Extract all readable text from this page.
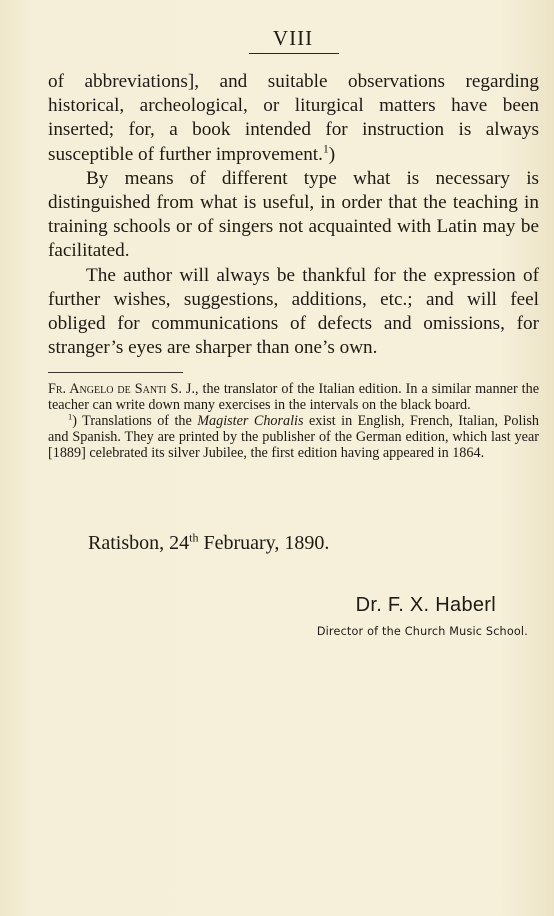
VIII

of abbreviations], and suitable observations regarding historical, archeological, or liturgical matters have been inserted; for, a book intended for instruction is always susceptible of further improvement.$^1$)

By means of different type what is necessary is distinguished from what is useful, in order that the teaching in training schools or of singers not acquainted with Latin may be facilitated.

The author will always be thankful for the expression of further wishes, suggestions, additions, etc.; and will feel obliged for communications of defects and omissions, for stranger’s eyes are sharper than one’s own.

Fr. Angelo de Santi S. J., the translator of the Italian edition. In a similar manner the teacher can write down many exercises in the intervals on the black board.

$^1$) Translations of the Magister Choralis exist in English, French, Italian, Polish and Spanish. They are printed by the publisher of the German edition, which last year [1889] celebrated its silver Jubilee, the first edition having appeared in 1864.

Ratisbon, 24th February, 1890.
Dr. F. X. Haberl
Director of the Church Music School.
